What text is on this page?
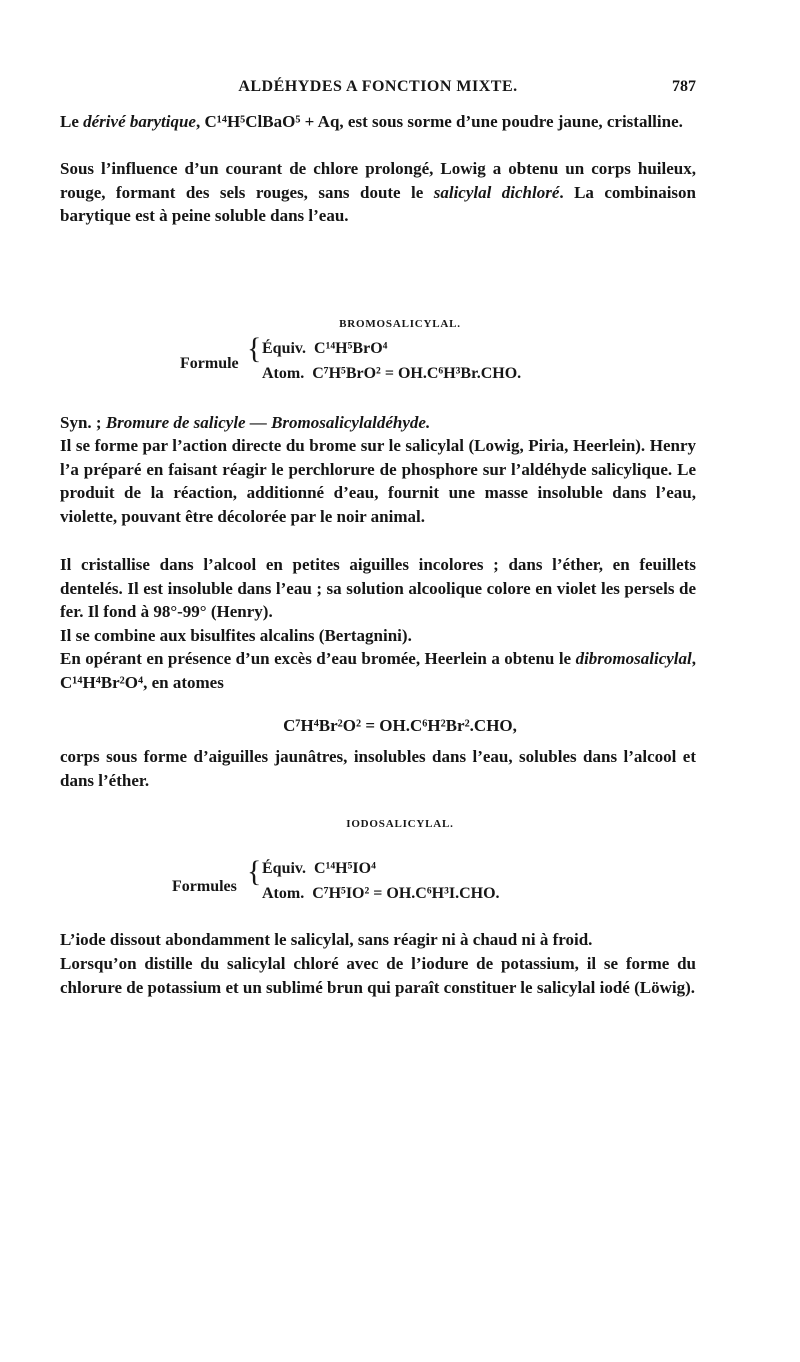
ALDÉHYDES A FONCTION MIXTE.	787

Le dérivé barytique, C¹⁴H⁵ClBaO⁵ + Aq, est sous sorme d’une poudre jaune, cristalline.

Sous l’influence d’un courant de chlore prolongé, Lowig a obtenu un corps huileux, rouge, formant des sels rouges, sans doute le salicylal dichloré. La combinaison barytique est à peine soluble dans l’eau.

BROMOSALICYLAL.
Formule { Équiv. C¹⁴H⁵BrO⁴
Atom. C⁷H⁵BrO² = OH.C⁶H³Br.CHO.

Syn. ; Bromure de salicyle — Bromosalicylaldéhyde.

Il se forme par l’action directe du brome sur le salicylal (Lowig, Piria, Heerlein). Henry l’a préparé en faisant réagir le perchlorure de phosphore sur l’aldéhyde salicylique. Le produit de la réaction, additionné d’eau, fournit une masse insoluble dans l’eau, violette, pouvant être décolorée par le noir animal.

Il cristallise dans l’alcool en petites aiguilles incolores ; dans l’éther, en feuillets dentelés. Il est insoluble dans l’eau ; sa solution alcoolique colore en violet les persels de fer. Il fond à 98°-99° (Henry).

Il se combine aux bisulfites alcalins (Bertagnini).

En opérant en présence d’un excès d’eau bromée, Heerlein a obtenu le dibromosalicylal, C¹⁴H⁴Br²O⁴, en atomes

C⁷H⁴Br²O² = OH.C⁶H²Br².CHO,

corps sous forme d’aiguilles jaunâtres, insolubles dans l’eau, solubles dans l’alcool et dans l’éther.

IODOSALICYLAL.
Formules { Équiv. C¹⁴H⁵IO⁴
Atom. C⁷H⁵IO² = OH.C⁶H³I.CHO.

L’iode dissout abondamment le salicylal, sans réagir ni à chaud ni à froid.

Lorsqu’on distille du salicylal chloré avec de l’iodure de potassium, il se forme du chlorure de potassium et un sublimé brun qui paraît constituer le salicylal iodé (Löwig).
